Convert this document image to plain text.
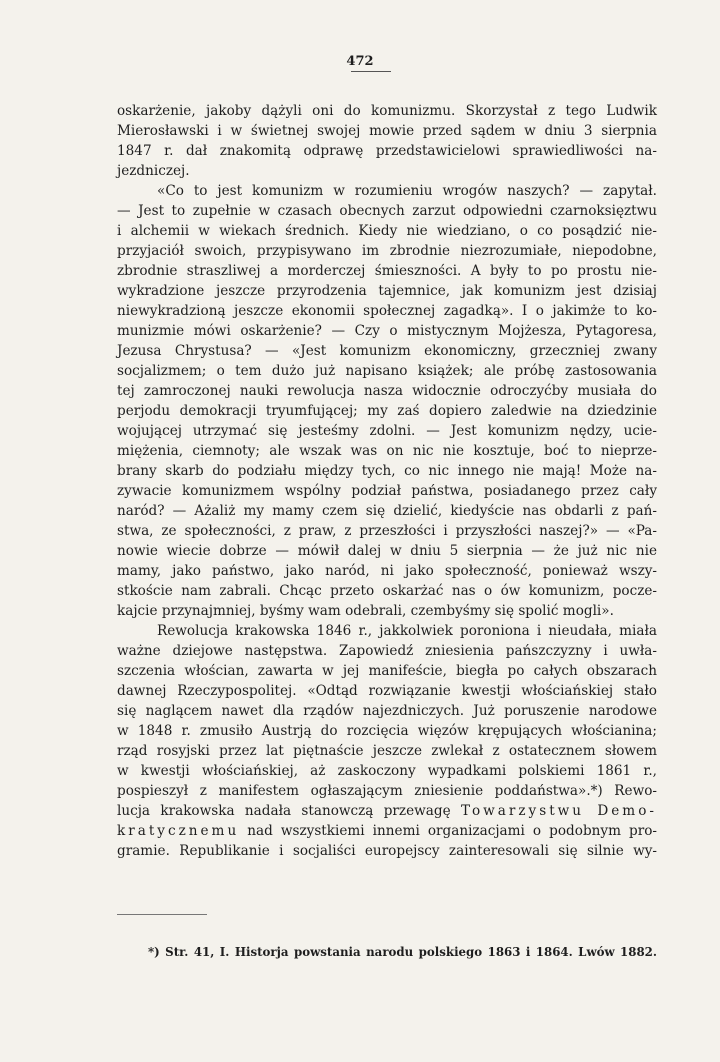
472
oskarżenie, jakoby dążyli oni do komunizmu. Skorzystał z tego Ludwik
Mierosławski i w świetnej swojej mowie przed sądem w dniu 3 sierpnia
1847 r. dał znakomitą odprawę przedstawicielowi sprawiedliwości na-
jezdniczej.
«Co to jest komunizm w rozumieniu wrogów naszych? — zapytał.
— Jest to zupełnie w czasach obecnych zarzut odpowiedni czarnoksięztwu
i alchemii w wiekach średnich. Kiedy nie wiedziano, o co posądzić nie-
przyjaciół swoich, przypisywano im zbrodnie niezrozumiałe, niepodobne,
zbrodnie straszliwej a morderczej śmieszności. A były to po prostu nie-
wykradzione jeszcze przyrodzenia tajemnice, jak komunizm jest dzisiaj
niewykradzioną jeszcze ekonomii społecznej zagadką». I o jakimże to ko-
munizmie mówi oskarżenie? — Czy o mistycznym Mojżesza, Pytagoresa,
Jezusa Chrystusa? — «Jest komunizm ekonomiczny, grzeczniej zwany
socjalizmem; o tem dużo już napisano książek; ale próbę zastosowania
tej zamroczonej nauki rewolucja nasza widocznie odroczyćby musiała do
perjodu demokracji tryumfującej; my zaś dopiero zaledwie na dziedzinie
wojującej utrzymać się jesteśmy zdolni. — Jest komunizm nędzy, ucie-
miężenia, ciemnoty; ale wszak was on nic nie kosztuje, boć to nieprze-
brany skarb do podziału między tych, co nic innego nie mają! Może na-
zywacie komunizmem wspólny podział państwa, posiadanego przez cały
naród? — Ażaliż my mamy czem się dzielić, kiedyście nas obdarli z pań-
stwa, ze społeczności, z praw, z przeszłości i przyszłości naszej?» — «Pa-
nowie wiecie dobrze — mówił dalej w dniu 5 sierpnia — że już nic nie
mamy, jako państwo, jako naród, ni jako społeczność, ponieważ wszy-
stkoście nam zabrali. Chcąc przeto oskarżać nas o ów komunizm, pocze-
kajcie przynajmniej, byśmy wam odebrali, czembyśmy się spolić mogli».
Rewolucja krakowska 1846 r., jakkolwiek poroniona i nieudała, miała
ważne dziejowe następstwa. Zapowiedź zniesienia pańszczyzny i uwła-
szczenia włościan, zawarta w jej manifeście, biegła po całych obszarach
dawnej Rzeczypospolitej. «Odtąd rozwiązanie kwestji włościańskiej stało
się naglącem nawet dla rządów najezdniczych. Już poruszenie narodowe
w 1848 r. zmusiło Austrją do rozcięcia więzów krępujących włościanina;
rząd rosyjski przez lat piętnaście jeszcze zwlekał z ostatecznem słowem
w kwestji włościańskiej, aż zaskoczony wypadkami polskiemi 1861 r.,
pospieszył z manifestem ogłaszającym zniesienie poddaństwa».*) Rewo-
lucja krakowska nadała stanowczą przewagę Towarzystwu Demo-
kratycznemu nad wszystkiemi innemi organizacjami o podobnym pro-
gramie. Republikanie i socjaliści europejscy zainteresowali się silnie wy-
*) Str. 41, I. Historja powstania narodu polskiego 1863 i 1864. Lwów 1882.
